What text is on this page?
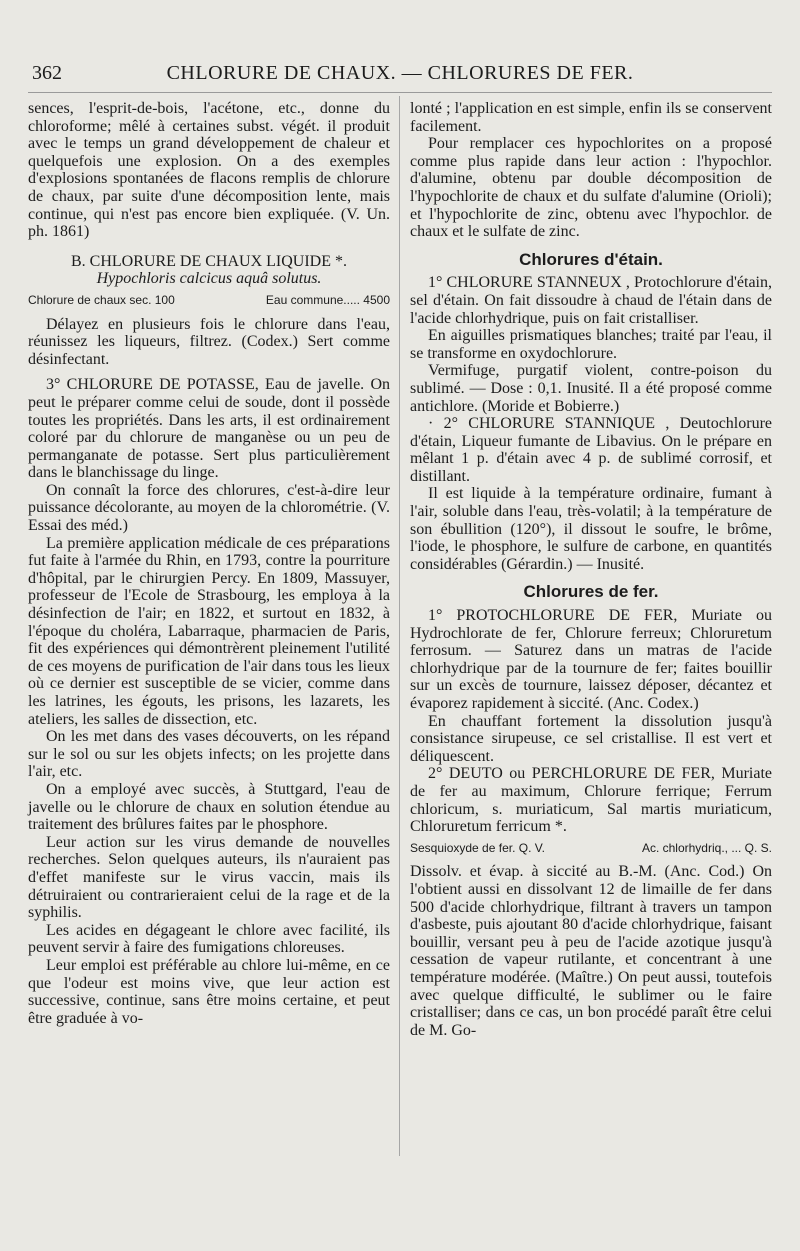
362	CHLORURE DE CHAUX. — CHLORURES DE FER.

sences, l'esprit-de-bois, l'acétone, etc., donne du chloroforme; mêlé à certaines subst. végét. il produit avec le temps un grand développement de chaleur et quelquefois une explosion. On a des exemples d'explosions spontanées de flacons remplis de chlorure de chaux, par suite d'une décomposition lente, mais continue, qui n'est pas encore bien expliquée. (V. Un. ph. 1861)

B. CHLORURE DE CHAUX LIQUIDE *.

Hypochloris calcicus aquâ solutus.

Chlorure de chaux sec. 100	Eau commune..... 4500

Délayez en plusieurs fois le chlorure dans l'eau, réunissez les liqueurs, filtrez. (Codex.) Sert comme désinfectant.

3° CHLORURE DE POTASSE, Eau de javelle. On peut le préparer comme celui de soude, dont il possède toutes les propriétés. Dans les arts, il est ordinairement coloré par du chlorure de manganèse ou un peu de permanganate de potasse. Sert plus particulièrement dans le blanchissage du linge.

On connaît la force des chlorures, c'est-à-dire leur puissance décolorante, au moyen de la chlorométrie. (V. Essai des méd.)

La première application médicale de ces préparations fut faite à l'armée du Rhin, en 1793, contre la pourriture d'hôpital, par le chirurgien Percy. En 1809, Massuyer, professeur de l'Ecole de Strasbourg, les employa à la désinfection de l'air; en 1822, et surtout en 1832, à l'époque du choléra, Labarraque, pharmacien de Paris, fit des expériences qui démontrèrent pleinement l'utilité de ces moyens de purification de l'air dans tous les lieux où ce dernier est susceptible de se vicier, comme dans les latrines, les égouts, les prisons, les lazarets, les ateliers, les salles de dissection, etc.

On les met dans des vases découverts, on les répand sur le sol ou sur les objets infects; on les projette dans l'air, etc.

On a employé avec succès, à Stuttgard, l'eau de javelle ou le chlorure de chaux en solution étendue au traitement des brûlures faites par le phosphore.

Leur action sur les virus demande de nouvelles recherches. Selon quelques auteurs, ils n'auraient pas d'effet manifeste sur le virus vaccin, mais ils détruiraient ou contrarieraient celui de la rage et de la syphilis.

Les acides en dégageant le chlore avec facilité, ils peuvent servir à faire des fumigations chloreuses.

Leur emploi est préférable au chlore lui-même, en ce que l'odeur est moins vive, que leur action est successive, continue, sans être moins certaine, et peut être graduée à vo-

lonté ; l'application en est simple, enfin ils se conservent facilement.

Pour remplacer ces hypochlorites on a proposé comme plus rapide dans leur action : l'hypochlor. d'alumine, obtenu par double décomposition de l'hypochlorite de chaux et du sulfate d'alumine (Orioli); et l'hypochlorite de zinc, obtenu avec l'hypochlor. de chaux et le sulfate de zinc.

Chlorures d'étain.

1° CHLORURE STANNEUX , Protochlorure d'étain, sel d'étain. On fait dissoudre à chaud de l'étain dans de l'acide chlorhydrique, puis on fait cristalliser.

En aiguilles prismatiques blanches; traité par l'eau, il se transforme en oxydochlorure.

Vermifuge, purgatif violent, contre-poison du sublimé. — Dose : 0,1. Inusité. Il a été proposé comme antichlore. (Moride et Bobierre.)

· 2° CHLORURE STANNIQUE , Deutochlorure d'étain, Liqueur fumante de Libavius. On le prépare en mêlant 1 p. d'étain avec 4 p. de sublimé corrosif, et distillant.

Il est liquide à la température ordinaire, fumant à l'air, soluble dans l'eau, très-volatil; à la température de son ébullition (120°), il dissout le soufre, le brôme, l'iode, le phosphore, le sulfure de carbone, en quantités considérables (Gérardin.) — Inusité.

Chlorures de fer.

1° PROTOCHLORURE DE FER, Muriate ou Hydrochlorate de fer, Chlorure ferreux; Chloruretum ferrosum. — Saturez dans un matras de l'acide chlorhydrique par de la tournure de fer; faites bouillir sur un excès de tournure, laissez déposer, décantez et évaporez rapidement à siccité. (Anc. Codex.)

En chauffant fortement la dissolution jusqu'à consistance sirupeuse, ce sel cristallise. Il est vert et déliquescent.

2° DEUTO ou PERCHLORURE DE FER, Muriate de fer au maximum, Chlorure ferrique; Ferrum chloricum, s. muriaticum, Sal martis muriaticum, Chloruretum ferricum *.

Sesquioxyde de fer. Q. V.	Ac. chlorhydriq., ... Q. S.

Dissolv. et évap. à siccité au B.-M. (Anc. Cod.) On l'obtient aussi en dissolvant 12 de limaille de fer dans 500 d'acide chlorhydrique, filtrant à travers un tampon d'asbeste, puis ajoutant 80 d'acide chlorhydrique, faisant bouillir, versant peu à peu de l'acide azotique jusqu'à cessation de vapeur rutilante, et concentrant à une température modérée. (Maître.) On peut aussi, toutefois avec quelque difficulté, le sublimer ou le faire cristalliser; dans ce cas, un bon procédé paraît être celui de M. Go-
